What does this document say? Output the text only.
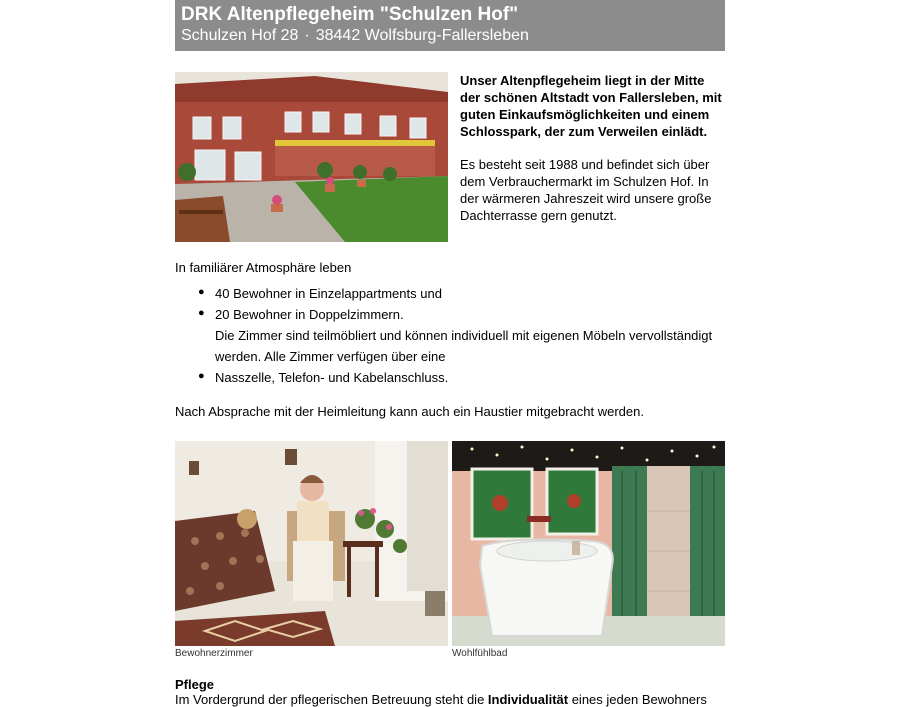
DRK Altenpflegeheim "Schulzen Hof"
Schulzen Hof 28 · 38442 Wolfsburg-Fallersleben

Unser Altenpflegeheim liegt in der Mitte der schönen Altstadt von Fallersleben, mit guten Einkaufsmöglichkeiten und einem Schlosspark, der zum Verweilen einlädt.

Es besteht seit 1988 und befindet sich über dem Verbrauchermarkt im Schulzen Hof. In der wärmeren Jahreszeit wird unsere große Dachterrasse gern genutzt.

In familiärer Atmosphäre leben
● 40 Bewohner in Einzelappartments und
● 20 Bewohner in Doppelzimmern.
Die Zimmer sind teilmöbliert und können individuell mit eigenen Möbeln vervollständigt
werden. Alle Zimmer verfügen über eine
● Nasszelle, Telefon- und Kabelanschluss.
Nach Absprache mit der Heimleitung kann auch ein Haustier mitgebracht werden.
Bewohnerzimmer	Wohlfühlbad
Pflege
Im Vordergrund der pflegerischen Betreuung steht die Individualität eines jeden Bewohners
